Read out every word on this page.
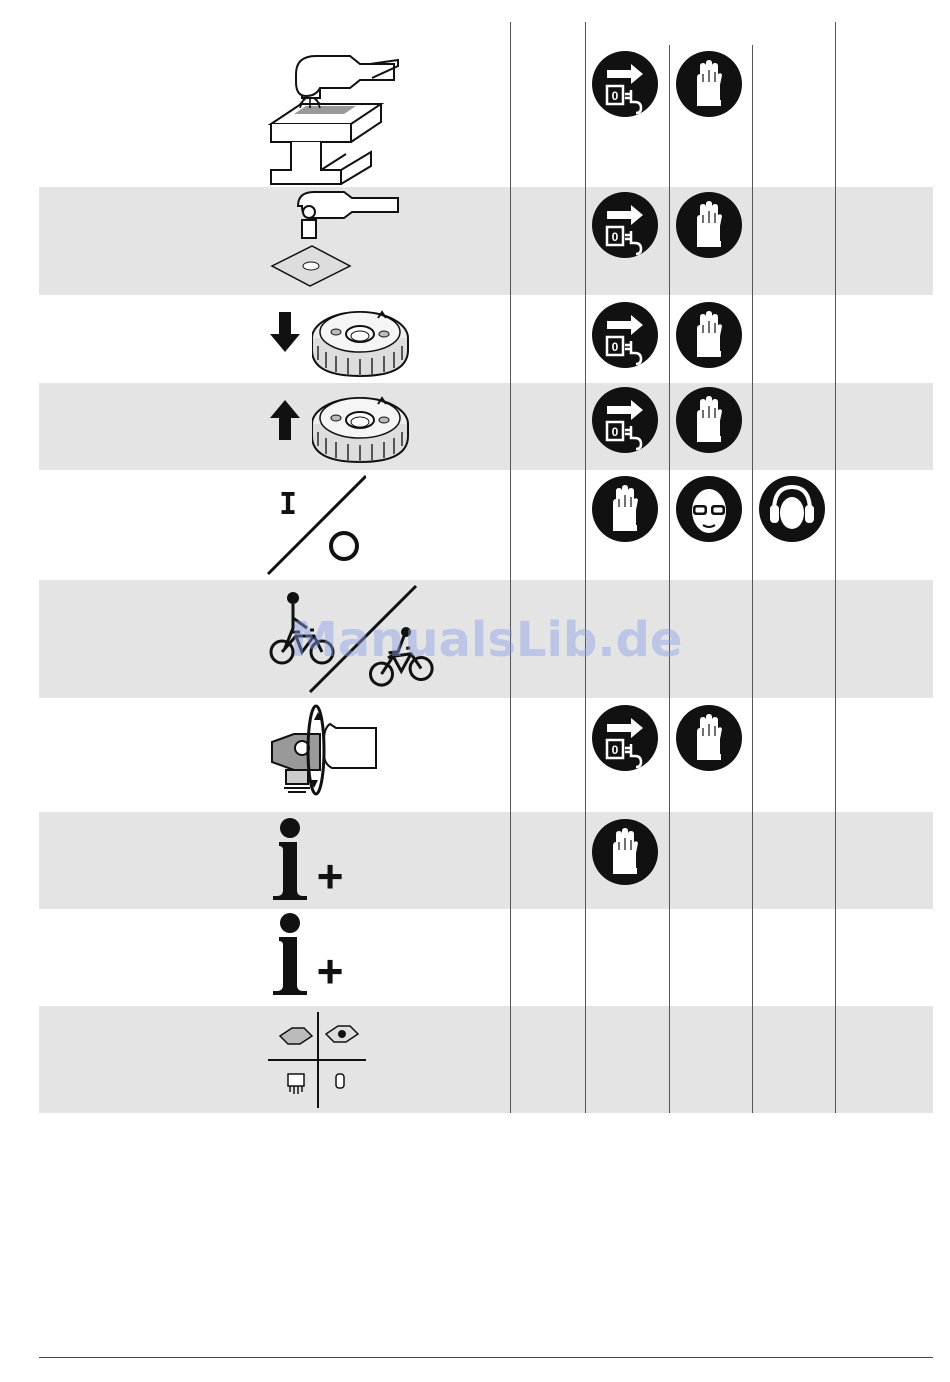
I
ManualsLib.de
+
+
